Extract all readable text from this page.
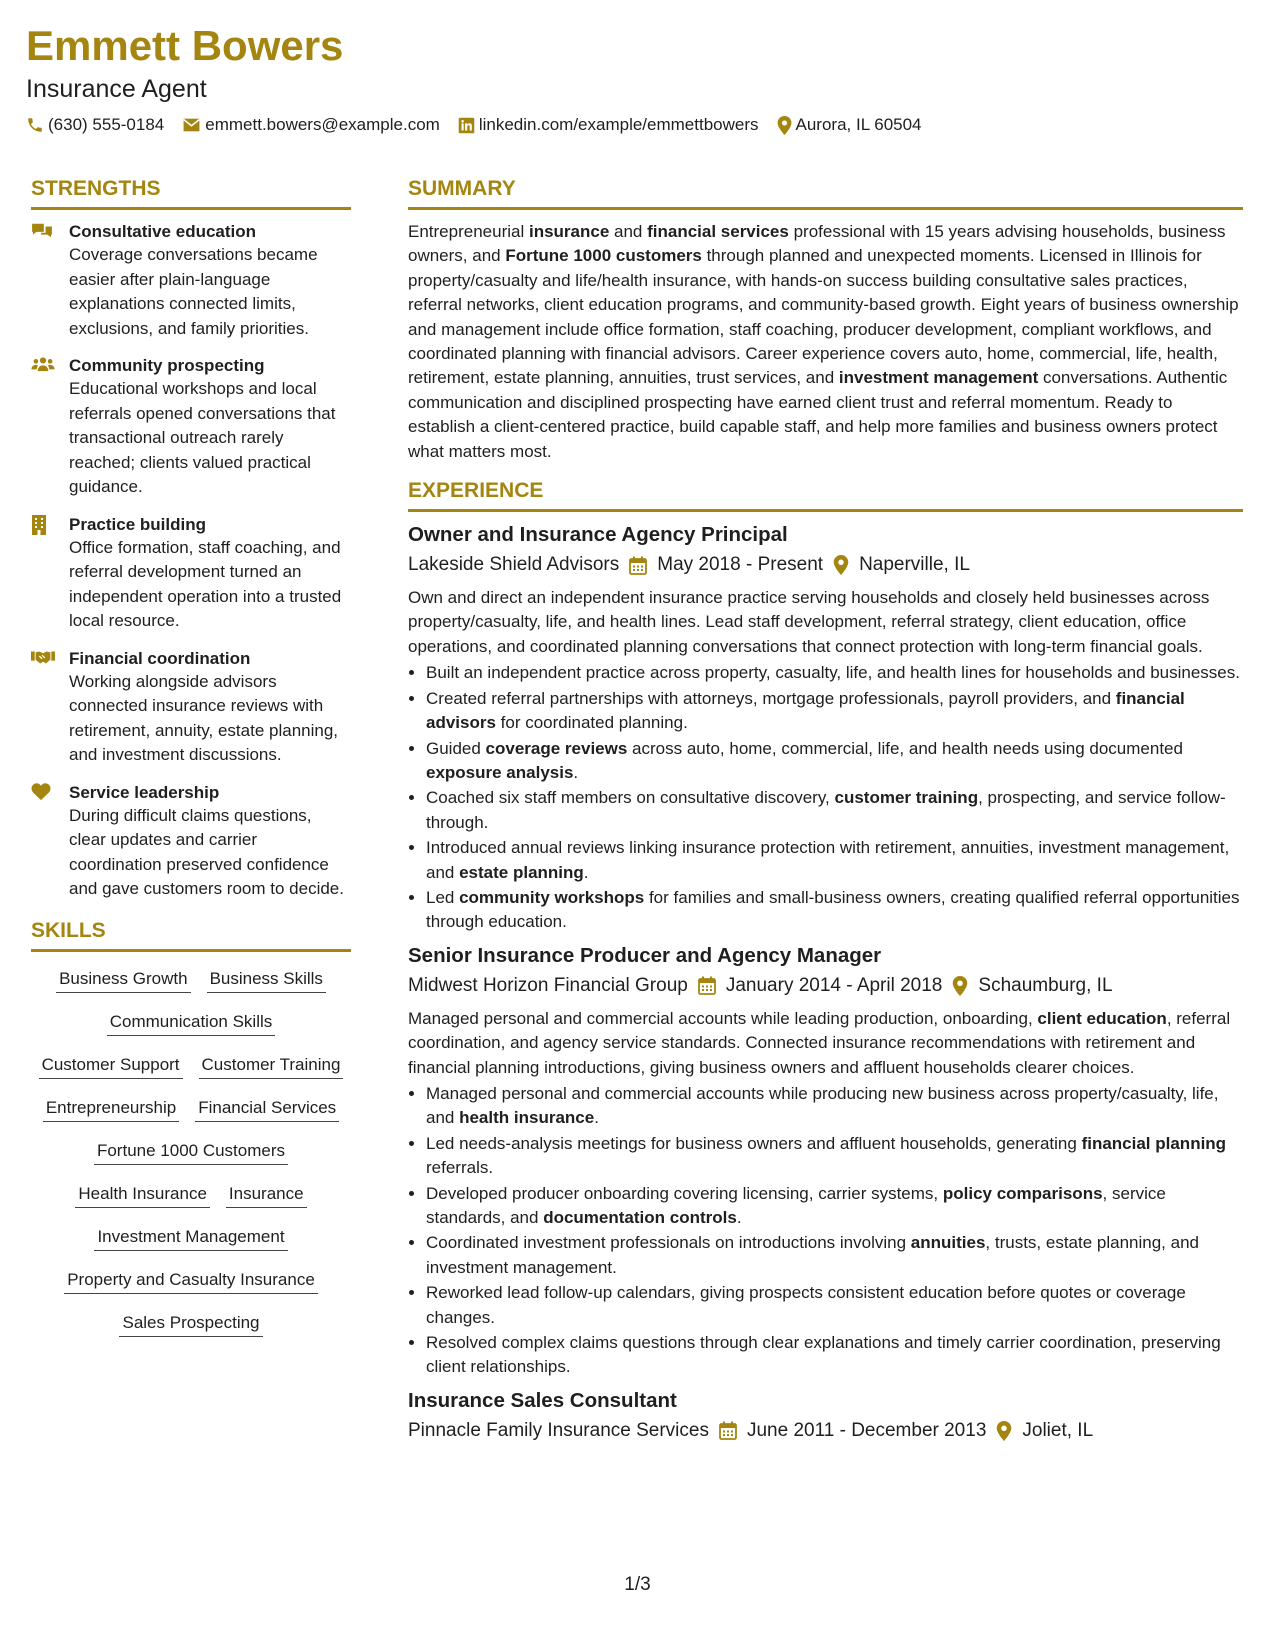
Emmett Bowers
Insurance Agent
(630) 555-0184 emmett.bowers@example.com linkedin.com/example/emmettbowers Aurora, IL 60504
STRENGTHS
Consultative education
Coverage conversations became easier after plain-language explanations connected limits, exclusions, and family priorities.
Community prospecting
Educational workshops and local referrals opened conversations that transactional outreach rarely reached; clients valued practical guidance.
Practice building
Office formation, staff coaching, and referral development turned an independent operation into a trusted local resource.
Financial coordination
Working alongside advisors connected insurance reviews with retirement, annuity, estate planning, and investment discussions.
Service leadership
During difficult claims questions, clear updates and carrier coordination preserved confidence and gave customers room to decide.
SKILLS
Business Growth Business Skills
Communication Skills
Customer Support Customer Training
Entrepreneurship Financial Services
Fortune 1000 Customers
Health Insurance Insurance
Investment Management
Property and Casualty Insurance
Sales Prospecting
SUMMARY

Entrepreneurial insurance and financial services professional with 15 years advising households, business owners, and Fortune 1000 customers through planned and unexpected moments. Licensed in Illinois for property/casualty and life/health insurance, with hands-on success building consultative sales practices, referral networks, client education programs, and community-based growth. Eight years of business ownership and management include office formation, staff coaching, producer development, compliant workflows, and coordinated planning with financial advisors. Career experience covers auto, home, commercial, life, health, retirement, estate planning, annuities, trust services, and investment management conversations. Authentic communication and disciplined prospecting have earned client trust and referral momentum. Ready to establish a client-centered practice, build capable staff, and help more families and business owners protect what matters most.

EXPERIENCE
Owner and Insurance Agency Principal
Lakeside Shield Advisors May 2018 - Present Naperville, IL

Own and direct an independent insurance practice serving households and closely held businesses across property/casualty, life, and health lines. Lead staff development, referral strategy, client education, office operations, and coordinated planning conversations that connect protection with long-term financial goals.

• Built an independent practice across property, casualty, life, and health lines for households and businesses.
• Created referral partnerships with attorneys, mortgage professionals, payroll providers, and financial advisors for coordinated planning.
• Guided coverage reviews across auto, home, commercial, life, and health needs using documented exposure analysis.
• Coached six staff members on consultative discovery, customer training, prospecting, and service follow-through.
• Introduced annual reviews linking insurance protection with retirement, annuities, investment management, and estate planning.
• Led community workshops for families and small-business owners, creating qualified referral opportunities through education.
Senior Insurance Producer and Agency Manager
Midwest Horizon Financial Group January 2014 - April 2018 Schaumburg, IL

Managed personal and commercial accounts while leading production, onboarding, client education, referral coordination, and agency service standards. Connected insurance recommendations with retirement and financial planning introductions, giving business owners and affluent households clearer choices.

• Managed personal and commercial accounts while producing new business across property/casualty, life, and health insurance.
• Led needs-analysis meetings for business owners and affluent households, generating financial planning referrals.
• Developed producer onboarding covering licensing, carrier systems, policy comparisons, service standards, and documentation controls.
• Coordinated investment professionals on introductions involving annuities, trusts, estate planning, and investment management.
• Reworked lead follow-up calendars, giving prospects consistent education before quotes or coverage changes.
• Resolved complex claims questions through clear explanations and timely carrier coordination, preserving client relationships.
Insurance Sales Consultant
Pinnacle Family Insurance Services June 2011 - December 2013 Joliet, IL
1/3
